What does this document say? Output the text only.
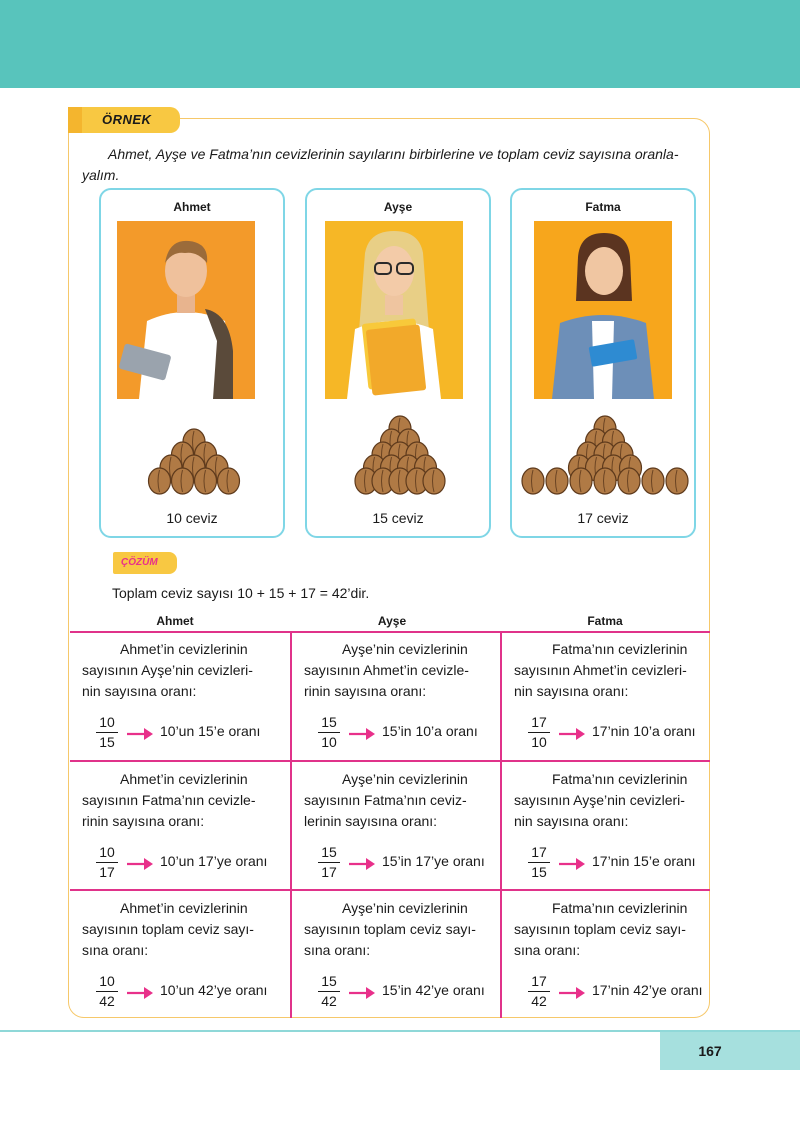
ÖRNEK
Ahmet, Ayşe ve Fatma’nın cevizlerinin sayılarını birbirlerine ve toplam ceviz sayısına oranla-
yalım.
Ahmet
10 ceviz
Ayşe
15 ceviz
Fatma
17 ceviz
ÇÖZÜM
Toplam ceviz sayısı 10 + 15 + 17 = 42’dir.
Ahmet	Ayşe	Fatma
Ahmet’in cevizlerinin
sayısının Ayşe’nin cevizleri-
nin sayısına oranı:
10
15
10’un 15’e oranı
Ayşe’nin cevizlerinin
sayısının Ahmet’in cevizle-
rinin sayısına oranı:
15
10
15’in 10’a oranı
Fatma’nın cevizlerinin
sayısının Ahmet’in cevizleri-
nin sayısına oranı:
17
10
17’nin 10’a oranı
Ahmet’in cevizlerinin
sayısının Fatma’nın cevizle-
rinin sayısına oranı:
10
17
10’un 17’ye oranı
Ayşe’nin cevizlerinin
sayısının Fatma’nın ceviz-
lerinin sayısına oranı:
15
17
15’in 17’ye oranı
Fatma’nın cevizlerinin
sayısının Ayşe’nin cevizleri-
nin sayısına oranı:
17
15
17’nin 15’e oranı
Ahmet’in cevizlerinin
sayısının toplam ceviz sayı-
sına oranı:
10
42
10’un 42’ye oranı
Ayşe’nin cevizlerinin
sayısının toplam ceviz sayı-
sına oranı:
15
42
15’in 42’ye oranı
Fatma’nın cevizlerinin
sayısının toplam ceviz sayı-
sına oranı:
17
42
17’nin 42’ye oranı
167
